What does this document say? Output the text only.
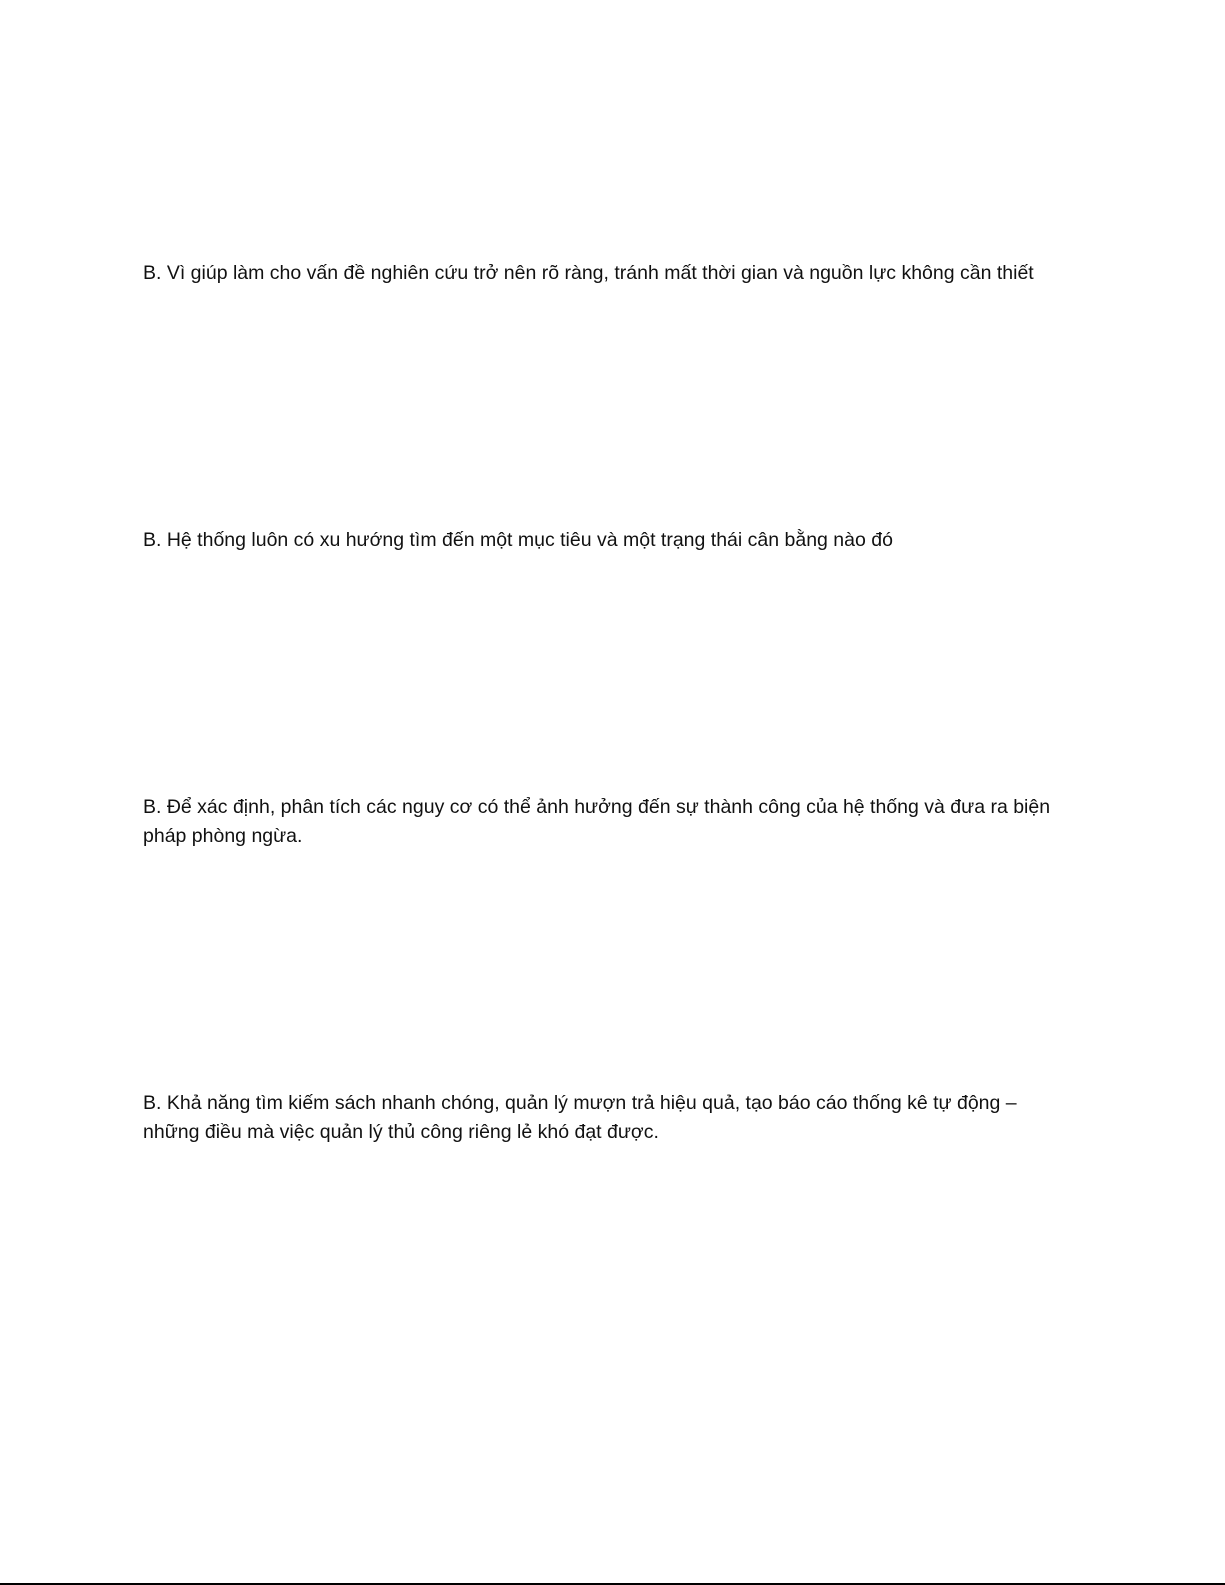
B. Vì giúp làm cho vấn đề nghiên cứu trở nên rõ ràng, tránh mất thời gian và nguồn lực không cần thiết

B. Hệ thống luôn có xu hướng tìm đến một mục tiêu và một trạng thái cân bằng nào đó

B. Để xác định, phân tích các nguy cơ có thể ảnh hưởng đến sự thành công của hệ thống và đưa ra biện pháp phòng ngừa.

B. Khả năng tìm kiếm sách nhanh chóng, quản lý mượn trả hiệu quả, tạo báo cáo thống kê tự động – những điều mà việc quản lý thủ công riêng lẻ khó đạt được.
